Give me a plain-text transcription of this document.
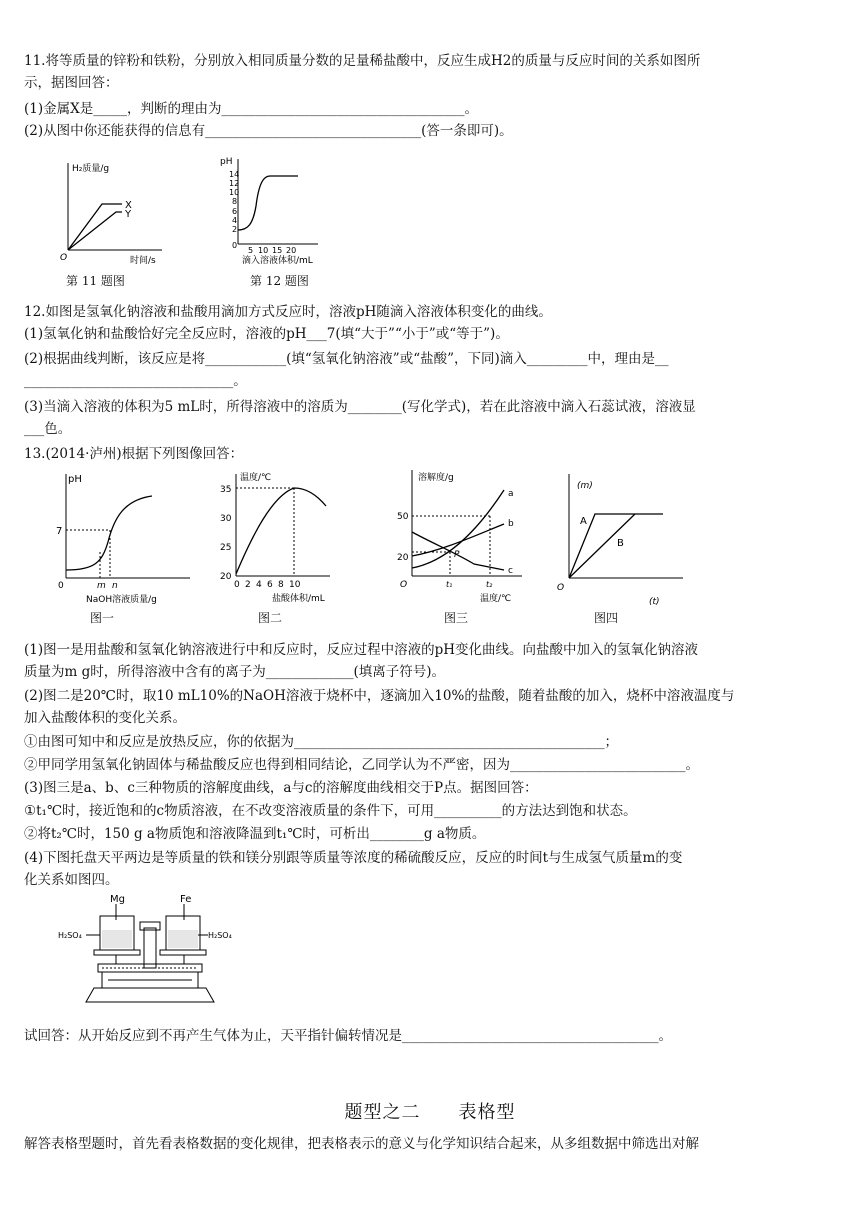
11.将等质量的锌粉和铁粉，分别放入相同质量分数的足量稀盐酸中，反应生成H2的质量与反应时间的关系如图所
示，据图回答：
(1)金属X是_____，判断的理由为____________________________________。
(2)从图中你还能获得的信息有________________________________(答一条即可)。
H₂质量/g
X
Y
O	时间/s
第 11 题图
pH
14
12
10
8
6
4
2
0
5 10 15 20
滴入溶液体积/mL
第 12 题图
12.如图是氢氧化钠溶液和盐酸用滴加方式反应时，溶液pH随滴入溶液体积变化的曲线。
(1)氢氧化钠和盐酸恰好完全反应时，溶液的pH___7(填“大于”“小于”或“等于”)。
(2)根据曲线判断，该反应是将____________(填“氢氧化钠溶液”或“盐酸”，下同)滴入_________中，理由是__
_______________________________。
(3)当滴入溶液的体积为5 mL时，所得溶液中的溶质为________(写化学式)，若在此溶液中滴入石蕊试液，溶液显
___色。
13.(2014·泸州)根据下列图像回答：
pH
7
0	m n
NaOH溶液质量/g
图一
温度/℃
35
30
25
20
0 2 4 6 8 10
盐酸体积/mL
图二
溶解度/g
50
20
O	t₁	t₂
P
a
b
c
温度/℃
图三
(m)
A
B
O
(t)
图四
(1)图一是用盐酸和氢氧化钠溶液进行中和反应时，反应过程中溶液的pH变化曲线。向盐酸中加入的氢氧化钠溶液
质量为m g时，所得溶液中含有的离子为_____________(填离子符号)。
(2)图二是20℃时，取10 mL10%的NaOH溶液于烧杯中，逐滴加入10%的盐酸，随着盐酸的加入，烧杯中溶液温度与
加入盐酸体积的变化关系。
①由图可知中和反应是放热反应，你的依据为______________________________________________；
②甲同学用氢氧化钠固体与稀盐酸反应也得到相同结论，乙同学认为不严密，因为__________________________。
(3)图三是a、b、c三种物质的溶解度曲线，a与c的溶解度曲线相交于P点。据图回答：
①t₁℃时，接近饱和的c物质溶液，在不改变溶液质量的条件下，可用__________的方法达到饱和状态。
②将t₂℃时，150 g a物质饱和溶液降温到t₁℃时，可析出________g a物质。
(4)下图托盘天平两边是等质量的铁和镁分别跟等质量等浓度的稀硫酸反应，反应的时间t与生成氢气质量m的变
化关系如图四。
Mg	Fe
H₂SO₄	H₂SO₄
试回答：从开始反应到不再产生气体为止，天平指针偏转情况是______________________________________。
题型之二　　表格型
解答表格型题时，首先看表格数据的变化规律，把表格表示的意义与化学知识结合起来，从多组数据中筛选出对解
